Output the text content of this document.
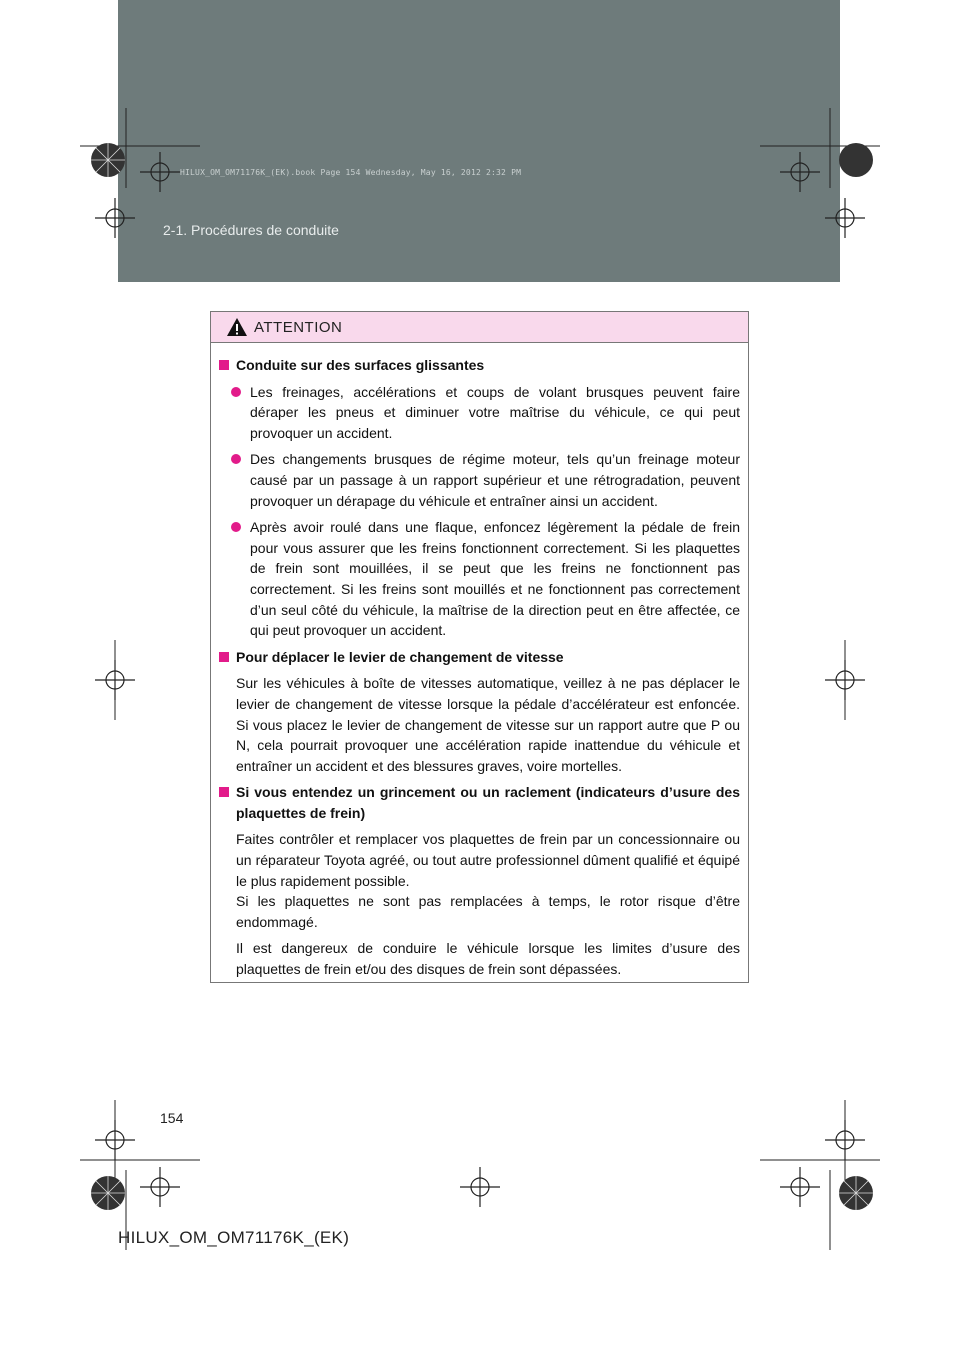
HILUX_OM_OM71176K_(EK).book Page 154 Wednesday, May 16, 2012 2:32 PM
2-1. Procédures de conduite
ATTENTION
Conduite sur des surfaces glissantes
Les freinages, accélérations et coups de volant brusques peuvent faire déraper les pneus et diminuer votre maîtrise du véhicule, ce qui peut provoquer un accident.
Des changements brusques de régime moteur, tels qu’un freinage moteur causé par un passage à un rapport supérieur et une rétrogradation, peuvent provoquer un dérapage du véhicule et entraîner ainsi un accident.
Après avoir roulé dans une flaque, enfoncez légèrement la pédale de frein pour vous assurer que les freins fonctionnent correctement. Si les plaquettes de frein sont mouillées, il se peut que les freins ne fonctionnent pas correctement. Si les freins sont mouillés et ne fonctionnent pas correctement d’un seul côté du véhicule, la maîtrise de la direction peut en être affectée, ce qui peut provoquer un accident.
Pour déplacer le levier de changement de vitesse
Sur les véhicules à boîte de vitesses automatique, veillez à ne pas déplacer le levier de changement de vitesse lorsque la pédale d’accélérateur est enfoncée. Si vous placez le levier de changement de vitesse sur un rapport autre que P ou N, cela pourrait provoquer une accélération rapide inattendue du véhicule et entraîner un accident et des blessures graves, voire mortelles.
Si vous entendez un grincement ou un raclement (indicateurs d’usure des plaquettes de frein)
Faites contrôler et remplacer vos plaquettes de frein par un concessionnaire ou un réparateur Toyota agréé, ou tout autre professionnel dûment qualifié et équipé le plus rapidement possible.
Si les plaquettes ne sont pas remplacées à temps, le rotor risque d’être endommagé.
Il est dangereux de conduire le véhicule lorsque les limites d’usure des plaquettes de frein et/ou des disques de frein sont dépassées.
154
HILUX_OM_OM71176K_(EK)
